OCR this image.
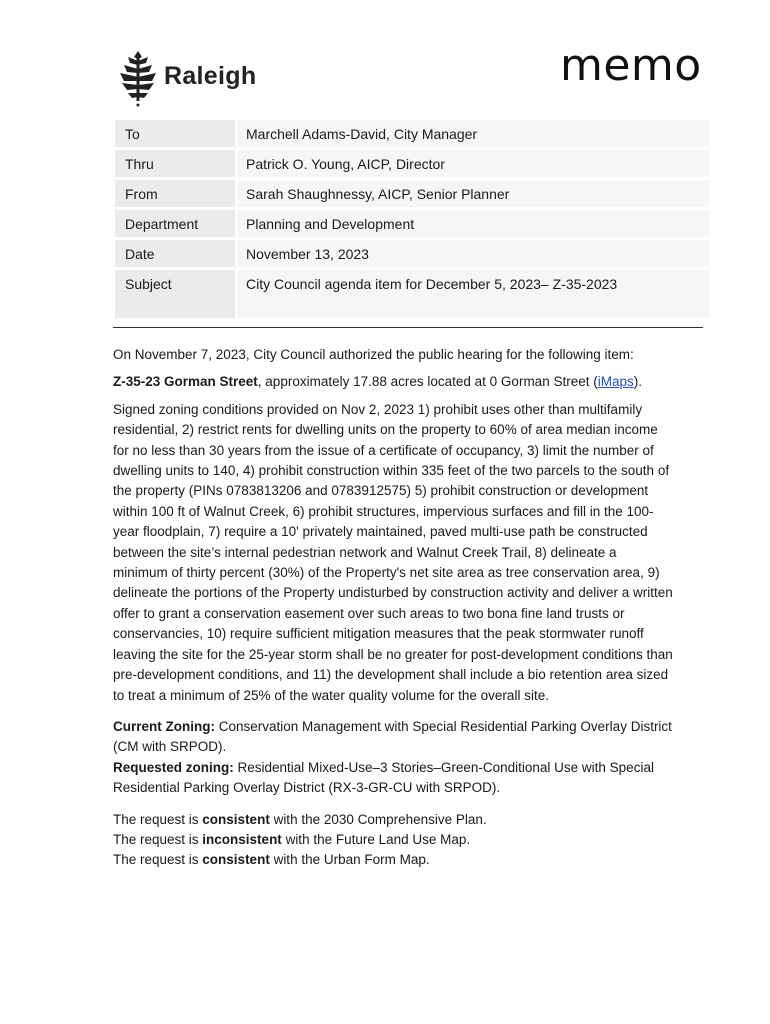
Raleigh	memo
To	Marchell Adams-David, City Manager
Thru	Patrick O. Young, AICP, Director
From	Sarah Shaughnessy, AICP, Senior Planner
Department	Planning and Development
Date	November 13, 2023
Subject	City Council agenda item for December 5, 2023– Z-35-2023

On November 7, 2023, City Council authorized the public hearing for the following item:

Z-35-23 Gorman Street, approximately 17.88 acres located at 0 Gorman Street (iMaps).

Signed zoning conditions provided on Nov 2, 2023 1) prohibit uses other than multifamily residential, 2) restrict rents for dwelling units on the property to 60% of area median income for no less than 30 years from the issue of a certificate of occupancy, 3) limit the number of dwelling units to 140, 4) prohibit construction within 335 feet of the two parcels to the south of the property (PINs 0783813206 and 0783912575) 5) prohibit construction or development within 100 ft of Walnut Creek, 6) prohibit structures, impervious surfaces and fill in the 100-year floodplain, 7) require a 10' privately maintained, paved multi-use path be constructed between the site’s internal pedestrian network and Walnut Creek Trail, 8) delineate a minimum of thirty percent (30%) of the Property's net site area as tree conservation area, 9) delineate the portions of the Property undisturbed by construction activity and deliver a written offer to grant a conservation easement over such areas to two bona fine land trusts or conservancies, 10) require sufficient mitigation measures that the peak stormwater runoff leaving the site for the 25-year storm shall be no greater for post-development conditions than pre-development conditions, and 11) the development shall include a bio retention area sized to treat a minimum of 25% of the water quality volume for the overall site.

Current Zoning: Conservation Management with Special Residential Parking Overlay District (CM with SRPOD).

Requested zoning: Residential Mixed-Use–3 Stories–Green-Conditional Use with Special Residential Parking Overlay District (RX-3-GR-CU with SRPOD).

The request is consistent with the 2030 Comprehensive Plan.
The request is inconsistent with the Future Land Use Map.
The request is consistent with the Urban Form Map.
